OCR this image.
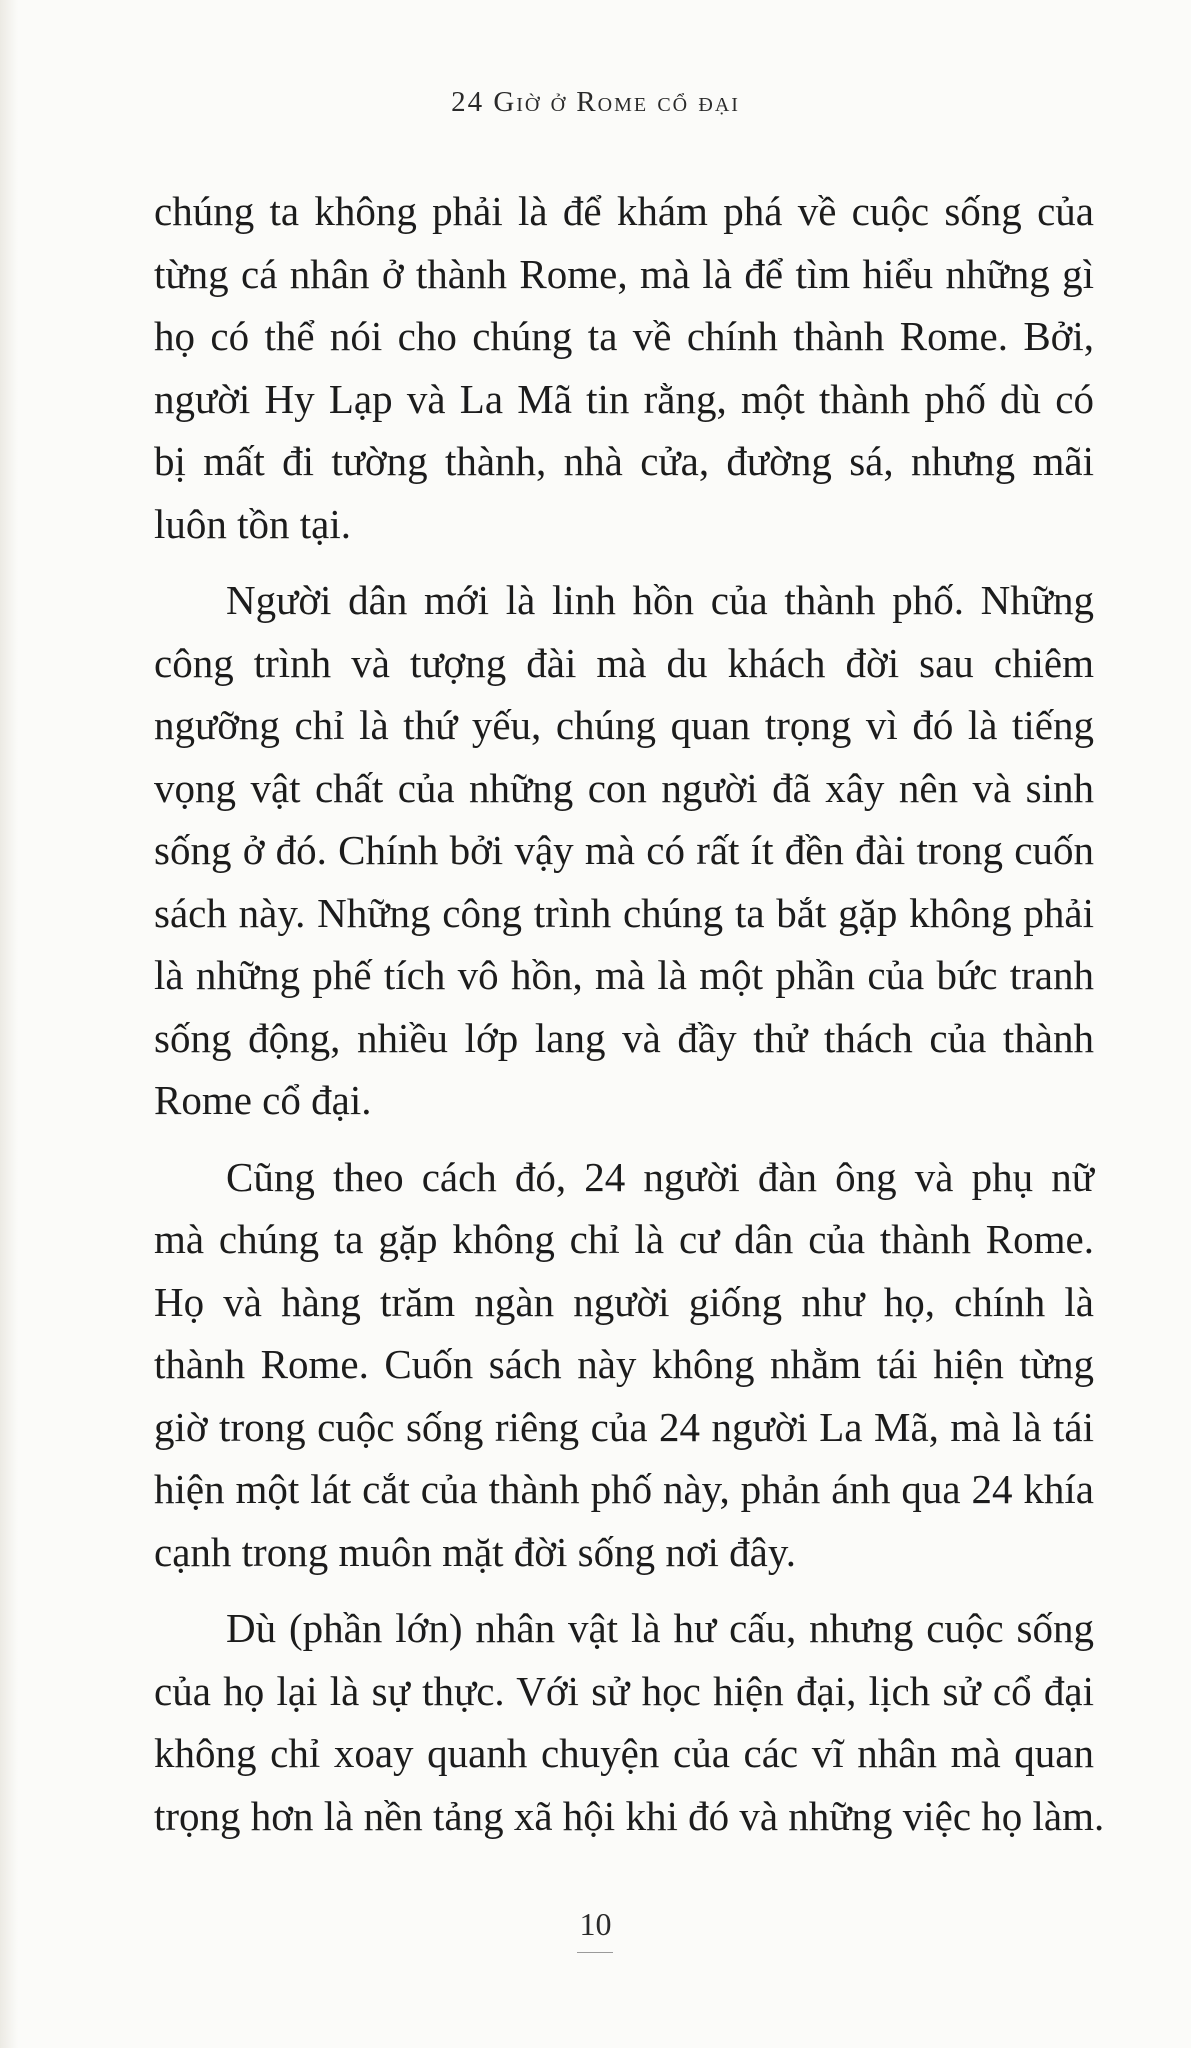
24 Giờ ở Rome cổ đại
chúng ta không phải là để khám phá về cuộc sống của
từng cá nhân ở thành Rome, mà là để tìm hiểu những gì
họ có thể nói cho chúng ta về chính thành Rome. Bởi,
người Hy Lạp và La Mã tin rằng, một thành phố dù có
bị mất đi tường thành, nhà cửa, đường sá, nhưng mãi
luôn tồn tại.
Người dân mới là linh hồn của thành phố. Những
công trình và tượng đài mà du khách đời sau chiêm
ngưỡng chỉ là thứ yếu, chúng quan trọng vì đó là tiếng
vọng vật chất của những con người đã xây nên và sinh
sống ở đó. Chính bởi vậy mà có rất ít đền đài trong cuốn
sách này. Những công trình chúng ta bắt gặp không phải
là những phế tích vô hồn, mà là một phần của bức tranh
sống động, nhiều lớp lang và đầy thử thách của thành
Rome cổ đại.
Cũng theo cách đó, 24 người đàn ông và phụ nữ
mà chúng ta gặp không chỉ là cư dân của thành Rome.
Họ và hàng trăm ngàn người giống như họ, chính là
thành Rome. Cuốn sách này không nhằm tái hiện từng
giờ trong cuộc sống riêng của 24 người La Mã, mà là tái
hiện một lát cắt của thành phố này, phản ánh qua 24 khía
cạnh trong muôn mặt đời sống nơi đây.
Dù (phần lớn) nhân vật là hư cấu, nhưng cuộc sống
của họ lại là sự thực. Với sử học hiện đại, lịch sử cổ đại
không chỉ xoay quanh chuyện của các vĩ nhân mà quan
trọng hơn là nền tảng xã hội khi đó và những việc họ làm.
10
